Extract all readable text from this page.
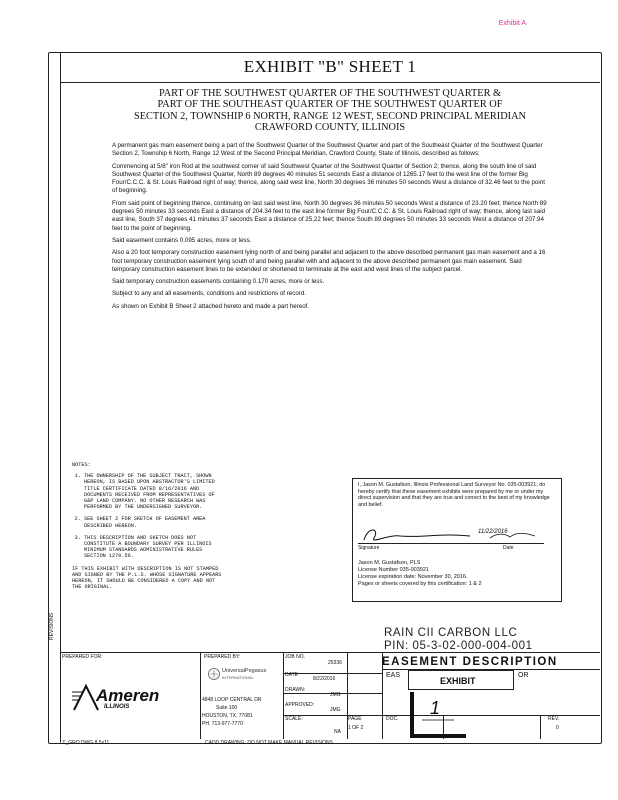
Exhibit A
EXHIBIT "B" SHEET 1
PART OF THE SOUTHWEST QUARTER OF THE SOUTHWEST QUARTER &
PART OF THE SOUTHEAST QUARTER OF THE SOUTHWEST QUARTER OF
SECTION 2, TOWNSHIP 6 NORTH, RANGE 12 WEST, SECOND PRINCIPAL MERIDIAN
CRAWFORD COUNTY, ILLINOIS

A permanent gas main easement being a part of the Southwest Quarter of the Southwest Quarter and part of the Southeast Quarter of the Southwest Quarter Section 2, Township 6 North, Range 12 West of the Second Principal Meridian, Crawford County, State of Illinois, described as follows:

Commencing at 5/8" iron Rod at the southwest corner of said Southwest Quarter of the Southwest Quarter of Section 2; thence, along the south line of said Southwest Quarter of the Southwest Quarter, North 89 degrees 40 minutes 51 seconds East a distance of 1265.17 feet to the west line of the former Big Four/C.C.C. & St. Louis Railroad right of way; thence, along said west line, North 30 degrees 36 minutes 50 seconds West a distance of 32.46 feet to the point of beginning.

From said point of beginning thence, continuing on last said west line, North 30 degrees 36 minutes 50 seconds West a distance of 23.20 feet; thence North 89 degrees 50 minutes 33 seconds East a distance of 204.34 feet to the east line former Big Four/C.C.C. & St. Louis Railroad right of way; thence, along last said east line, South 37 degrees 41 minutes 37 seconds East a distance of 25.22 feet; thence South 89 degrees 50 minutes 33 seconds West a distance of 207.94 feet to the point of beginning.

Said easement contains 0.095 acres, more or less.

Also a 20 foot temporary construction easement lying north of and being parallel and adjacent to the above described permanent gas main easement and a 16 foot temporary construction easement lying south of and being parallel with and adjacent to the above described permanent gas main easement. Said temporary construction easement lines to be extended or shortened to terminate at the east and west lines of the subject parcel.

Said temporary construction easements containing 0.170 acres, more or less.

Subject to any and all easements, conditions and restrictions of record.

As shown on Exhibit B Sheet 2 attached hereto and made a part hereof.

NOTES:
1. THE OWNERSHIP OF THE SUBJECT TRACT, SHOWN HEREON, IS BASED UPON ABSTRACTOR'S LIMITED TITLE CERTIFICATE DATED 8/16/2016 AND DOCUMENTS RECEIVED FROM REPRESENTATIVES OF G&P LAND COMPANY. NO OTHER RESEARCH WAS PERFORMED BY THE UNDERSIGNED SURVEYOR.
2. SEE SHEET 2 FOR SKETCH OF EASEMENT AREA DESCRIBED HEREON.
3. THIS DESCRIPTION AND SKETCH DOES NOT CONSTITUTE A BOUNDARY SURVEY PER ILLINOIS MINIMUM STANDARDS ADMINISTRATIVE RULES SECTION 1270.56.
IF THIS EXHIBIT WITH DESCRIPTION IS NOT STAMPED AND SIGNED BY THE P.L.S. WHOSE SIGNATURE APPEARS HEREON, IT SHOULD BE CONSIDERED A COPY AND NOT THE ORIGINAL.

I, Jason M. Gustafson, Illinois Professional Land Surveyor No. 035-003921, do hereby certify that these easement exhibits were prepared by me or under my direct supervision and that they are true and correct to the best of my knowledge and belief.

11/22/2016
Signature	Date
Jason M. Gustafson, PLS
License Number 035-003921
License expiration date: November 30, 2016.
Pages or sheets covered by this certification: 1 & 2
RAIN CII CARBON LLC
PIN: 05-3-02-000-004-001
REVISIONS
PREPARED FOR:
Ameren
ILLINOIS
PREPARED BY:
UniversalPegasus
INTERNATIONAL
4848 LOOP CENTRAL DR
Suite 100
HOUSTON, TX. 77081
PH. 713-977-7770
JOB NO.
25336
DATE
8/22/2016
DRAWN:
JMG
APPROVED:
JMG
SCALE:
NA
EASEMENT DESCRIPTION
EAS	OR
EXHIBIT
1
PAGE
1 OF 2
DOC.	REV.
0
LT_GRO.DWG 8.5x11	CADD DRAWING: DO NOT MAKE MANUAL REVISIONS
